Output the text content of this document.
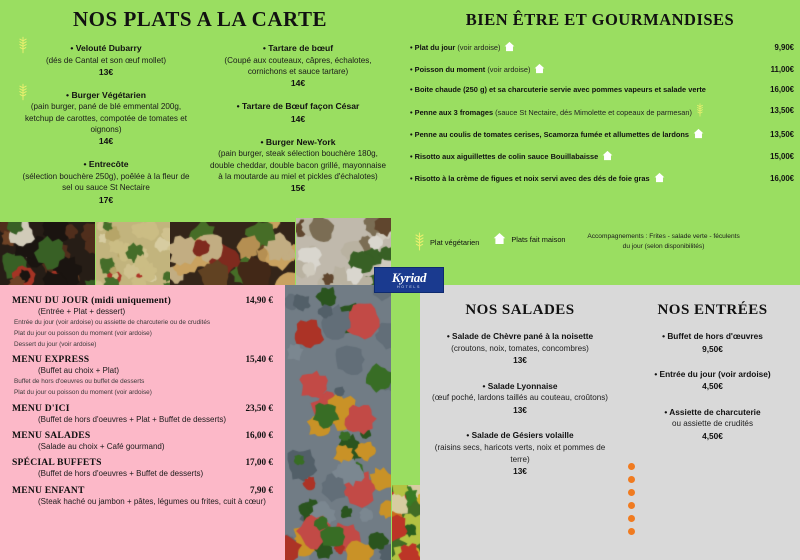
NOS PLATS A LA CARTE
• Velouté Dubarry
(dés de Cantal et son œuf mollet)
13€
• Burger Végétarien
(pain burger, pané de blé emmental 200g, ketchup de carottes, compotée de tomates et oignons)
14€
• Entrecôte
(sélection bouchère 250g), poêlée à la fleur de sel ou sauce St Nectaire
17€
• Tartare de bœuf
(Coupé aux couteaux, câpres, échalotes, cornichons et sauce tartare)
14€
• Tartare de Bœuf façon César
14€
• Burger New-York
(pain burger, steak sélection bouchère 180g, double cheddar, double bacon grillé, mayonnaise à la moutarde au miel et pickles d'échalotes)
15€
BIEN ÊTRE ET GOURMANDISES
• Plat du jour (voir ardoise)	9,90€
• Poisson du moment (voir ardoise)	11,00€
• Boite chaude (250 g) et sa charcuterie servie avec pommes vapeurs et salade verte	16,00€
• Penne aux 3 fromages (sauce St Nectaire, dés Mimolette et copeaux de parmesan)	13,50€
• Penne au coulis de tomates cerises, Scamorza fumée et allumettes de lardons	13,50€
• Risotto aux aiguillettes de colin sauce Bouillabaisse	15,00€
• Risotto à la crème de figues et noix servi avec des dés de foie gras	16,00€
Plat végétarien	Plats fait maison	Accompagnements : Frites - salade verte - féculents du jour (selon disponibilités)
MENU DU JOUR (midi uniquement)	14,90 €
(Entrée + Plat + dessert)
Entrée du jour (voir ardoise) ou assiette de charcuterie ou de crudités
Plat du jour ou poisson du moment (voir ardoise)
Dessert du jour (voir ardoise)
MENU EXPRESS	15,40 €
(Buffet au choix + Plat)
Buffet de hors d'oeuvres ou buffet de desserts
Plat du jour ou poisson du moment (voir ardoise)
MENU D'ICI	23,50 €
(Buffet de hors d'oeuvres + Plat + Buffet de desserts)
MENU SALADES	16,00 €
(Salade au choix + Café gourmand)
SPÉCIAL BUFFETS	17,00 €
(Buffet de hors d'oeuvres + Buffet de desserts)
MENU ENFANT	7,90 €
(Steak haché ou jambon + pâtes, légumes ou frites, cuit à cœur)
NOS SALADES
• Salade de Chèvre pané à la noisette
(croutons, noix, tomates, concombres)
13€
• Salade Lyonnaise
(œuf poché, lardons taillés au couteau, croûtons)
13€
• Salade de Gésiers volaille
(raisins secs, haricots verts, noix et pommes de terre)
13€
NOS ENTRÉES
• Buffet de hors d'œuvres
9,50€
• Entrée du jour (voir ardoise)
4,50€
• Assiette de charcuterie
ou assiette de crudités
4,50€
Kyriad
HOTELS
